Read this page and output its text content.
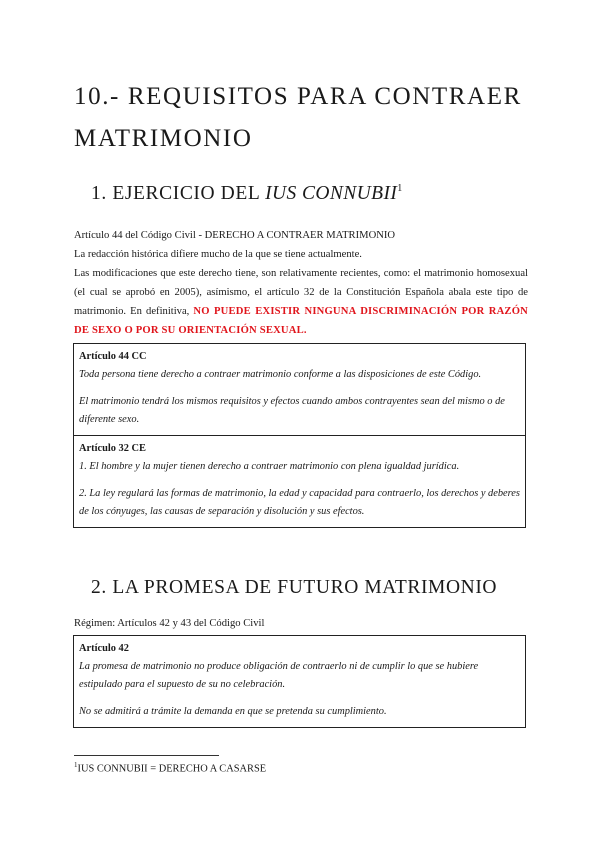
10.- REQUISITOS PARA CONTRAER MATRIMONIO
1. EJERCICIO DEL IUS CONNUBII$^1$
Artículo 44 del Código Civil - DERECHO A CONTRAER MATRIMONIO
La redacción histórica difiere mucho de la que se tiene actualmente.
Las modificaciones que este derecho tiene, son relativamente recientes, como: el matrimonio homosexual (el cual se aprobó en 2005), asímismo, el artículo 32 de la Constitución Española abala este tipo de matrimonio. En definitiva, NO PUEDE EXISTIR NINGUNA DISCRIMINACIÓN POR RAZÓN DE SEXO O POR SU ORIENTACIÓN SEXUAL.
Artículo 44 CC
Toda persona tiene derecho a contraer matrimonio conforme a las disposiciones de este Código.
El matrimonio tendrá los mismos requisitos y efectos cuando ambos contrayentes sean del mismo o de diferente sexo.
Artículo 32 CE
1. El hombre y la mujer tienen derecho a contraer matrimonio con plena igualdad jurídica.
2. La ley regulará las formas de matrimonio, la edad y capacidad para contraerlo, los derechos y deberes de los cónyuges, las causas de separación y disolución y sus efectos.
2. LA PROMESA DE FUTURO MATRIMONIO
Régimen: Artículos 42 y 43 del Código Civil
Artículo 42
La promesa de matrimonio no produce obligación de contraerlo ni de cumplir lo que se hubiere estipulado para el supuesto de su no celebración.
No se admitirá a trámite la demanda en que se pretenda su cumplimiento.
$^1$IUS CONNUBII = DERECHO A CASARSE
